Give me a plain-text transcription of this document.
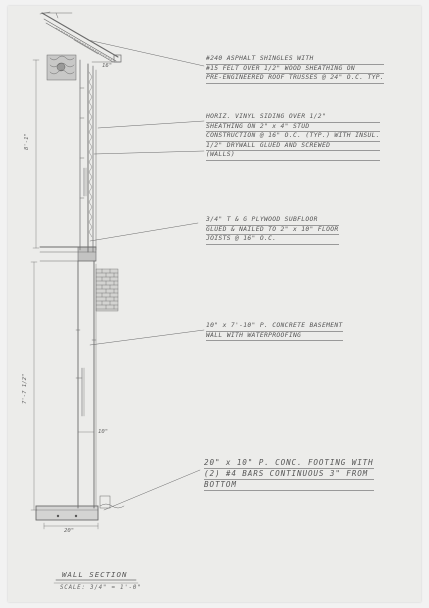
#240 ASPHALT SHINGLES WITH
#15 FELT OVER 1/2" WOOD SHEATHING ON
PRE-ENGINEERED ROOF TRUSSES @ 24" O.C. TYP.
HORIZ. VINYL SIDING OVER 1/2"
SHEATHING ON 2" x 4" STUD
CONSTRUCTION @ 16" O.C. (TYP.) WITH INSUL.
1/2" DRYWALL GLUED AND SCREWED
(WALLS)
3/4" T & G PLYWOOD SUBFLOOR
GLUED & NAILED TO 2" x 10" FLOOR
JOISTS @ 16" O.C.
10" x 7'-10" P. CONCRETE BASEMENT
WALL WITH WATERPROOFING
20" x 10" P. CONC. FOOTING WITH
(2) #4 BARS CONTINUOUS 3" FROM
BOTTOM
16"
8'-1"
7'-7 1/2"
10"
20"
WALL SECTION
SCALE: 3/4" = 1'-0"
